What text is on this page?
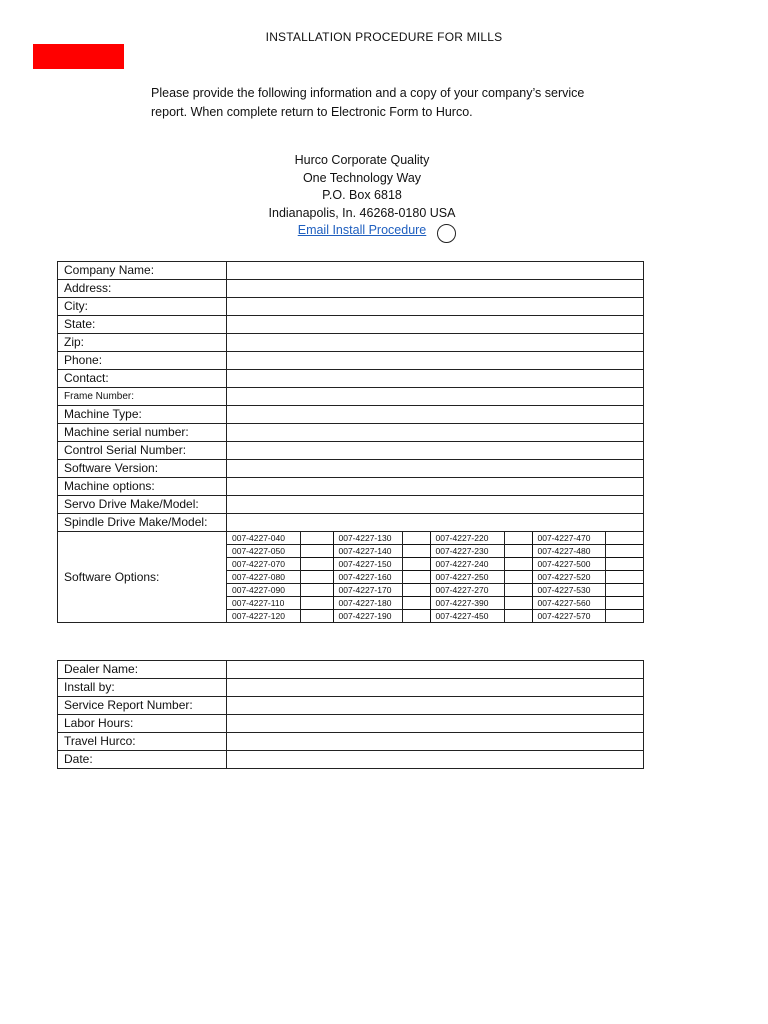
INSTALLATION PROCEDURE FOR MILLS
Please provide the following information and a copy of your company’s service
report. When complete return to Electronic Form to Hurco.
Hurco Corporate Quality
One Technology Way
P.O. Box 6818
Indianapolis, In. 46268-0180 USA
Email Install Procedure
Company Name:	
Address:	
City:	
State:	
Zip:	
Phone:	
Contact:	
Frame Number:	
Machine Type:	
Machine serial number:	
Control Serial Number:	
Software Version:	
Machine options:	
Servo Drive Make/Model:	
Spindle Drive Make/Model:	
Software Options:	
007-4227-040		007-4227-130		007-4227-220		007-4227-470	
007-4227-050		007-4227-140		007-4227-230		007-4227-480	
007-4227-070		007-4227-150		007-4227-240		007-4227-500	
007-4227-080		007-4227-160		007-4227-250		007-4227-520	
007-4227-090		007-4227-170		007-4227-270		007-4227-530	
007-4227-110		007-4227-180		007-4227-390		007-4227-560	
007-4227-120		007-4227-190		007-4227-450		007-4227-570	
Dealer Name:	
Install by:	
Service Report Number:	
Labor Hours:	
Travel Hurco:	
Date:	
